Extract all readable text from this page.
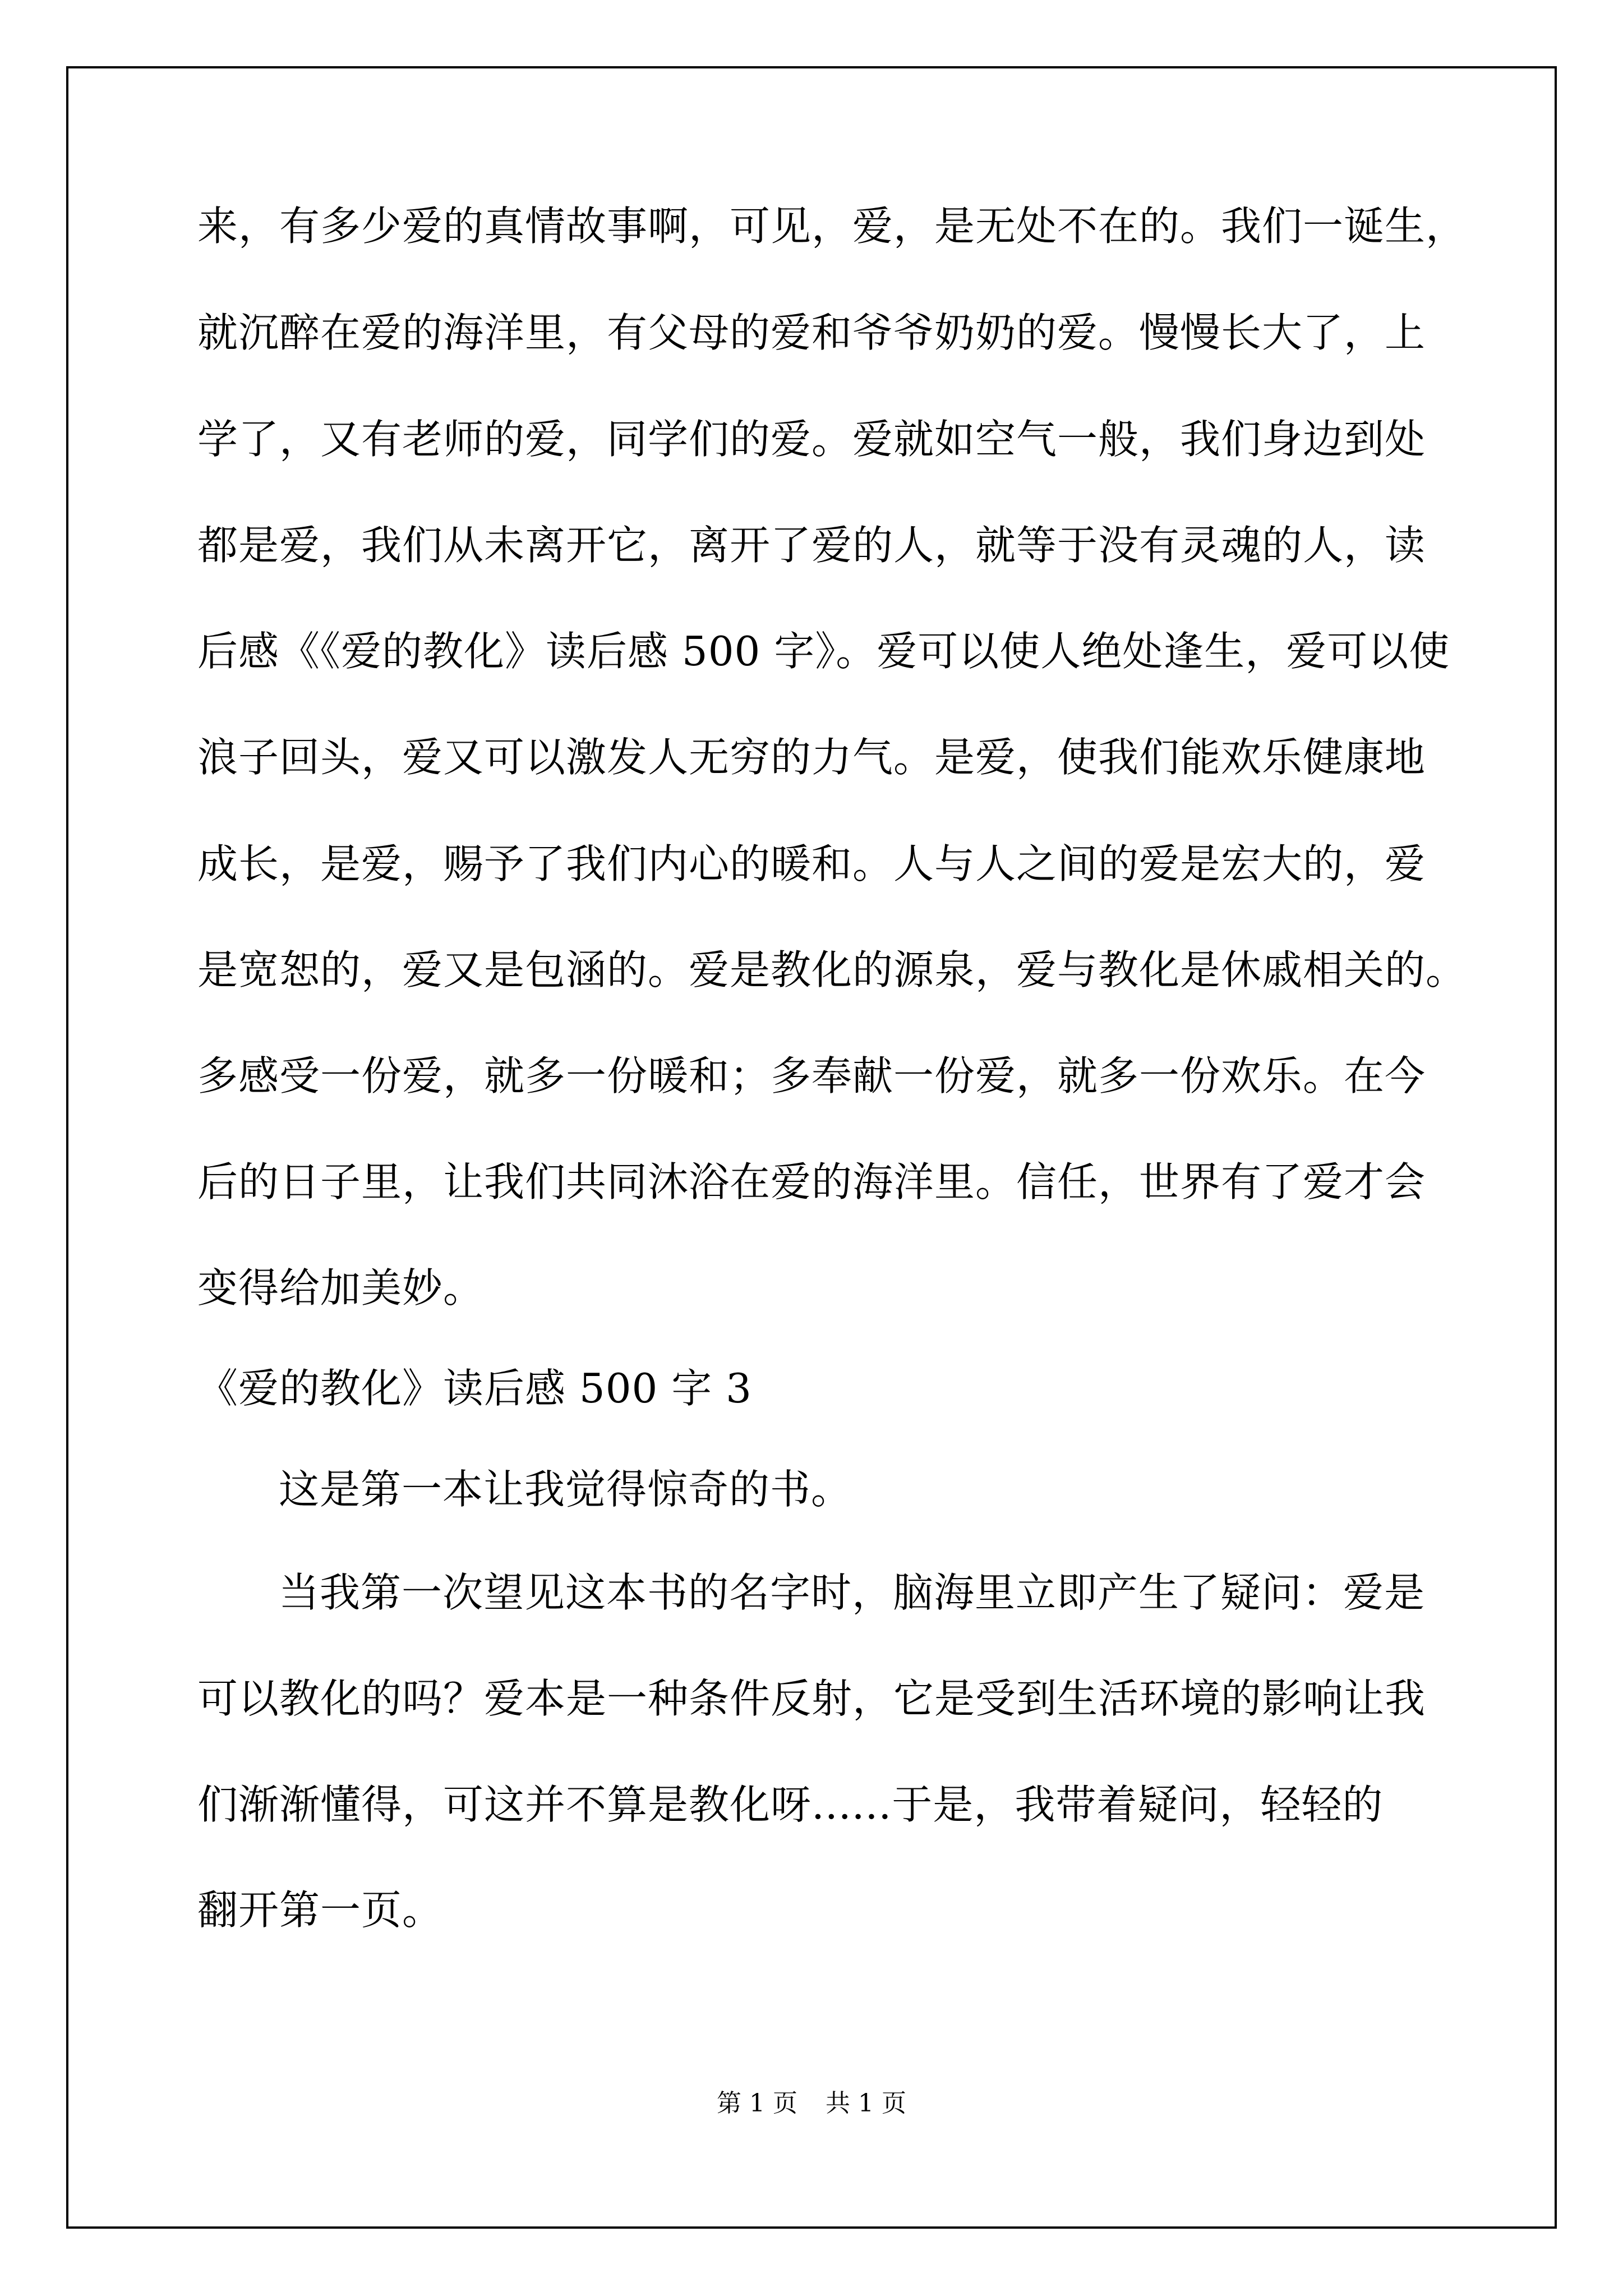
来，有多少爱的真情故事啊，可见，爱，是无处不在的。我们一诞生，
就沉醉在爱的海洋里，有父母的爱和爷爷奶奶的爱。慢慢长大了，上
学了，又有老师的爱，同学们的爱。爱就如空气一般，我们身边到处
都是爱，我们从未离开它，离开了爱的人，就等于没有灵魂的人，读
后感《《爱的教化》读后感 500 字》。爱可以使人绝处逢生，爱可以使
浪子回头，爱又可以激发人无穷的力气。是爱，使我们能欢乐健康地
成长，是爱，赐予了我们内心的暖和。人与人之间的爱是宏大的，爱
是宽恕的，爱又是包涵的。爱是教化的源泉，爱与教化是休戚相关的。
多感受一份爱，就多一份暖和；多奉献一份爱，就多一份欢乐。在今
后的日子里，让我们共同沐浴在爱的海洋里。信任，世界有了爱才会
变得给加美妙。
《爱的教化》读后感 500 字 3
这是第一本让我觉得惊奇的书。
当我第一次望见这本书的名字时，脑海里立即产生了疑问：爱是
可以教化的吗？爱本是一种条件反射，它是受到生活环境的影响让我
们渐渐懂得，可这并不算是教化呀......于是，我带着疑问，轻轻的
翻开第一页。
第 1 页 共 1 页
